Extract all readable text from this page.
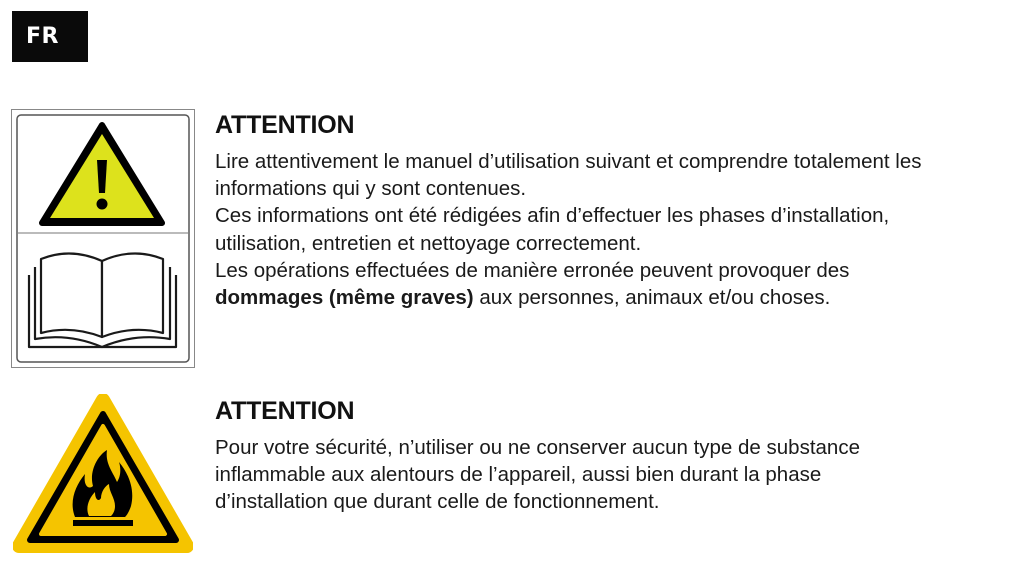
FR
ATTENTION

Lire attentivement le manuel d’utilisation suivant et comprendre totalement les
informations qui y sont contenues.
Ces informations ont été rédigées afin d’effectuer les phases d’installation,
utilisation, entretien et nettoyage correctement.
Les opérations effectuées de manière erronée peuvent provoquer des
dommages (même graves) aux personnes, animaux et/ou choses.

ATTENTION

Pour votre sécurité, n’utiliser ou ne conserver aucun type de substance
inflammable aux alentours de l’appareil, aussi bien durant la phase
d’installation que durant celle de fonctionnement.
